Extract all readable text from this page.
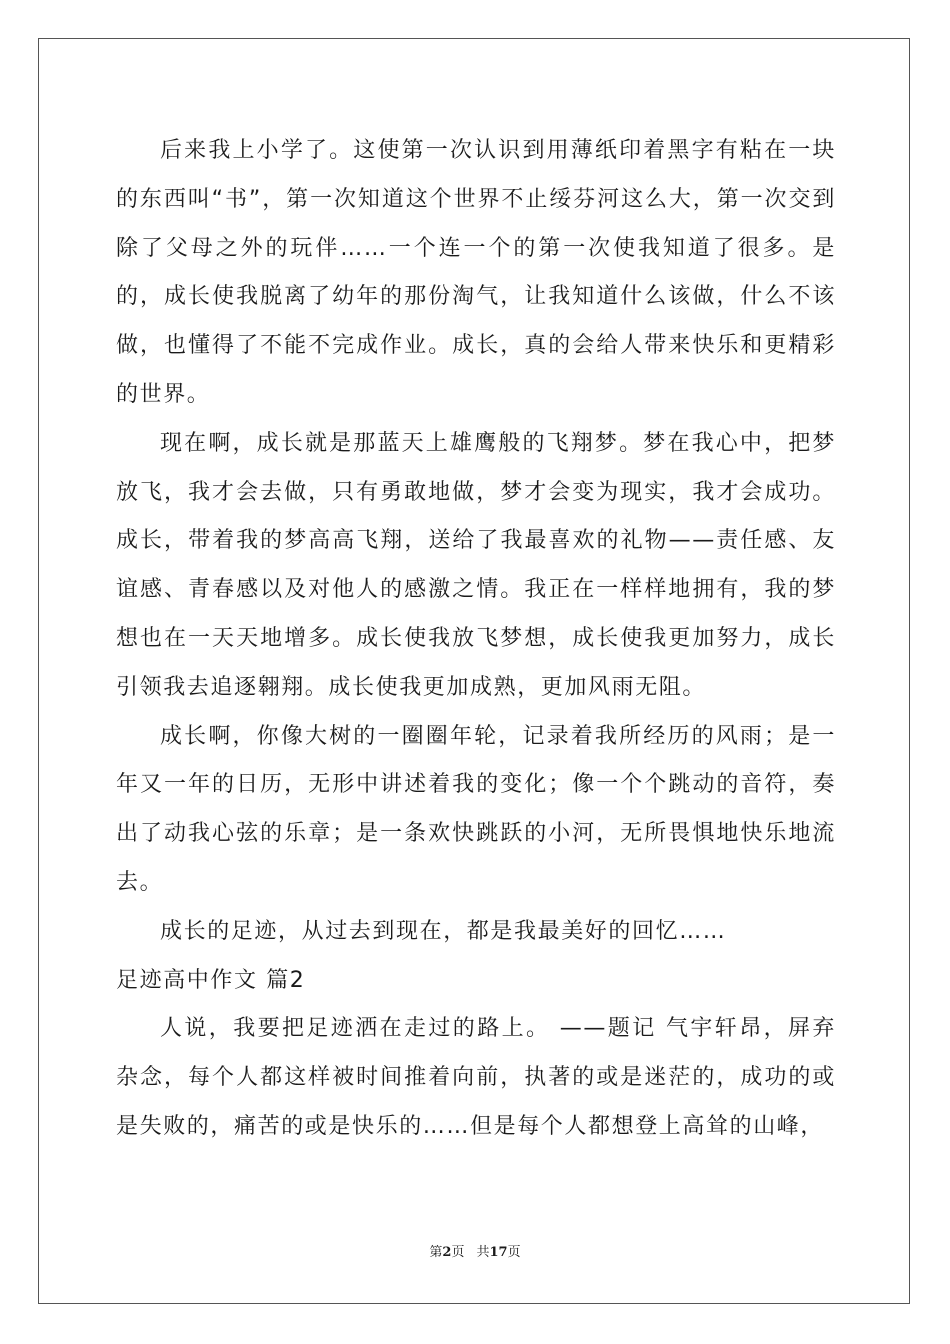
后来我上小学了。这使第一次认识到用薄纸印着黑字有粘在一块的东西叫“书”，第一次知道这个世界不止绥芬河这么大，第一次交到除了父母之外的玩伴……一个连一个的第一次使我知道了很多。是的，成长使我脱离了幼年的那份淘气，让我知道什么该做，什么不该做，也懂得了不能不完成作业。成长，真的会给人带来快乐和更精彩的世界。

现在啊，成长就是那蓝天上雄鹰般的飞翔梦。梦在我心中，把梦放飞，我才会去做，只有勇敢地做，梦才会变为现实，我才会成功。成长，带着我的梦高高飞翔，送给了我最喜欢的礼物——责任感、友谊感、青春感以及对他人的感激之情。我正在一样样地拥有，我的梦想也在一天天地增多。成长使我放飞梦想，成长使我更加努力，成长引领我去追逐翱翔。成长使我更加成熟，更加风雨无阻。

成长啊，你像大树的一圈圈年轮，记录着我所经历的风雨；是一年又一年的日历，无形中讲述着我的变化；像一个个跳动的音符，奏出了动我心弦的乐章；是一条欢快跳跃的小河，无所畏惧地快乐地流去。

成长的足迹，从过去到现在，都是我最美好的回忆……

足迹高中作文 篇2

人说，我要把足迹洒在走过的路上。 ——题记 气宇轩昂，屏弃杂念，每个人都这样被时间推着向前，执著的或是迷茫的，成功的或是失败的，痛苦的或是快乐的……但是每个人都想登上高耸的山峰，

第2页 共17页
